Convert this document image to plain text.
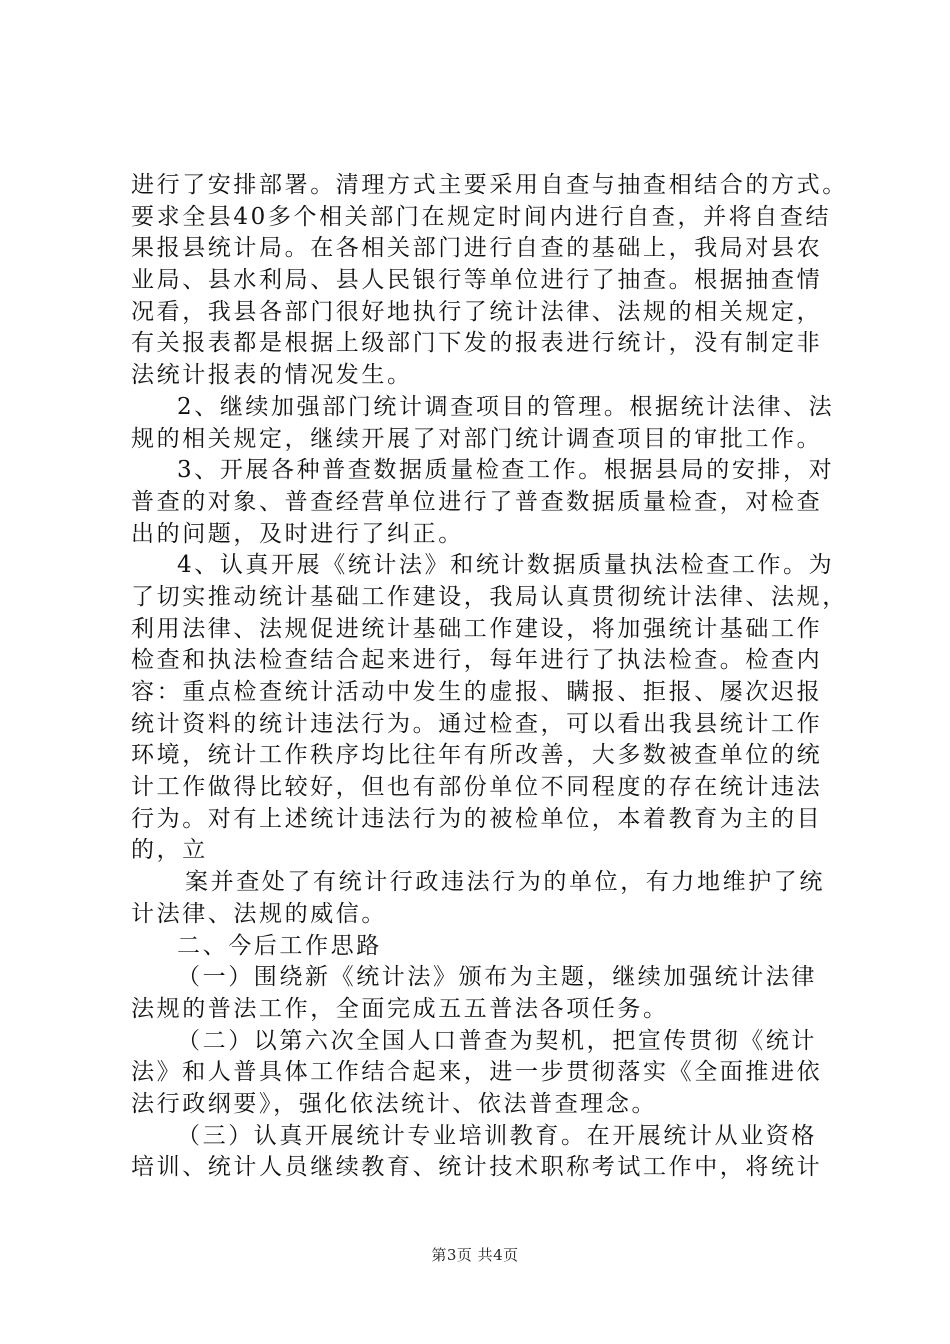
进行了安排部署。清理方式主要采用自查与抽查相结合的方式。
要求全县40多个相关部门在规定时间内进行自查，并将自查结
果报县统计局。在各相关部门进行自查的基础上，我局对县农
业局、县水利局、县人民银行等单位进行了抽查。根据抽查情
况看，我县各部门很好地执行了统计法律、法规的相关规定，
有关报表都是根据上级部门下发的报表进行统计，没有制定非
法统计报表的情况发生。
2、继续加强部门统计调查项目的管理。根据统计法律、法
规的相关规定，继续开展了对部门统计调查项目的审批工作。
3、开展各种普查数据质量检查工作。根据县局的安排，对
普查的对象、普查经营单位进行了普查数据质量检查，对检查
出的问题，及时进行了纠正。
4、认真开展《统计法》和统计数据质量执法检查工作。为
了切实推动统计基础工作建设，我局认真贯彻统计法律、法规，
利用法律、法规促进统计基础工作建设，将加强统计基础工作
检查和执法检查结合起来进行，每年进行了执法检查。检查内
容：重点检查统计活动中发生的虚报、瞒报、拒报、屡次迟报
统计资料的统计违法行为。通过检查，可以看出我县统计工作
环境，统计工作秩序均比往年有所改善，大多数被查单位的统
计工作做得比较好，但也有部份单位不同程度的存在统计违法
行为。对有上述统计违法行为的被检单位，本着教育为主的目
的，立
案并查处了有统计行政违法行为的单位，有力地维护了统
计法律、法规的威信。
二、今后工作思路
（一）围绕新《统计法》颁布为主题，继续加强统计法律
法规的普法工作，全面完成五五普法各项任务。
（二）以第六次全国人口普查为契机，把宣传贯彻《统计
法》和人普具体工作结合起来，进一步贯彻落实《全面推进依
法行政纲要》，强化依法统计、依法普查理念。
（三）认真开展统计专业培训教育。在开展统计从业资格
培训、统计人员继续教育、统计技术职称考试工作中，将统计
第3页 共4页
